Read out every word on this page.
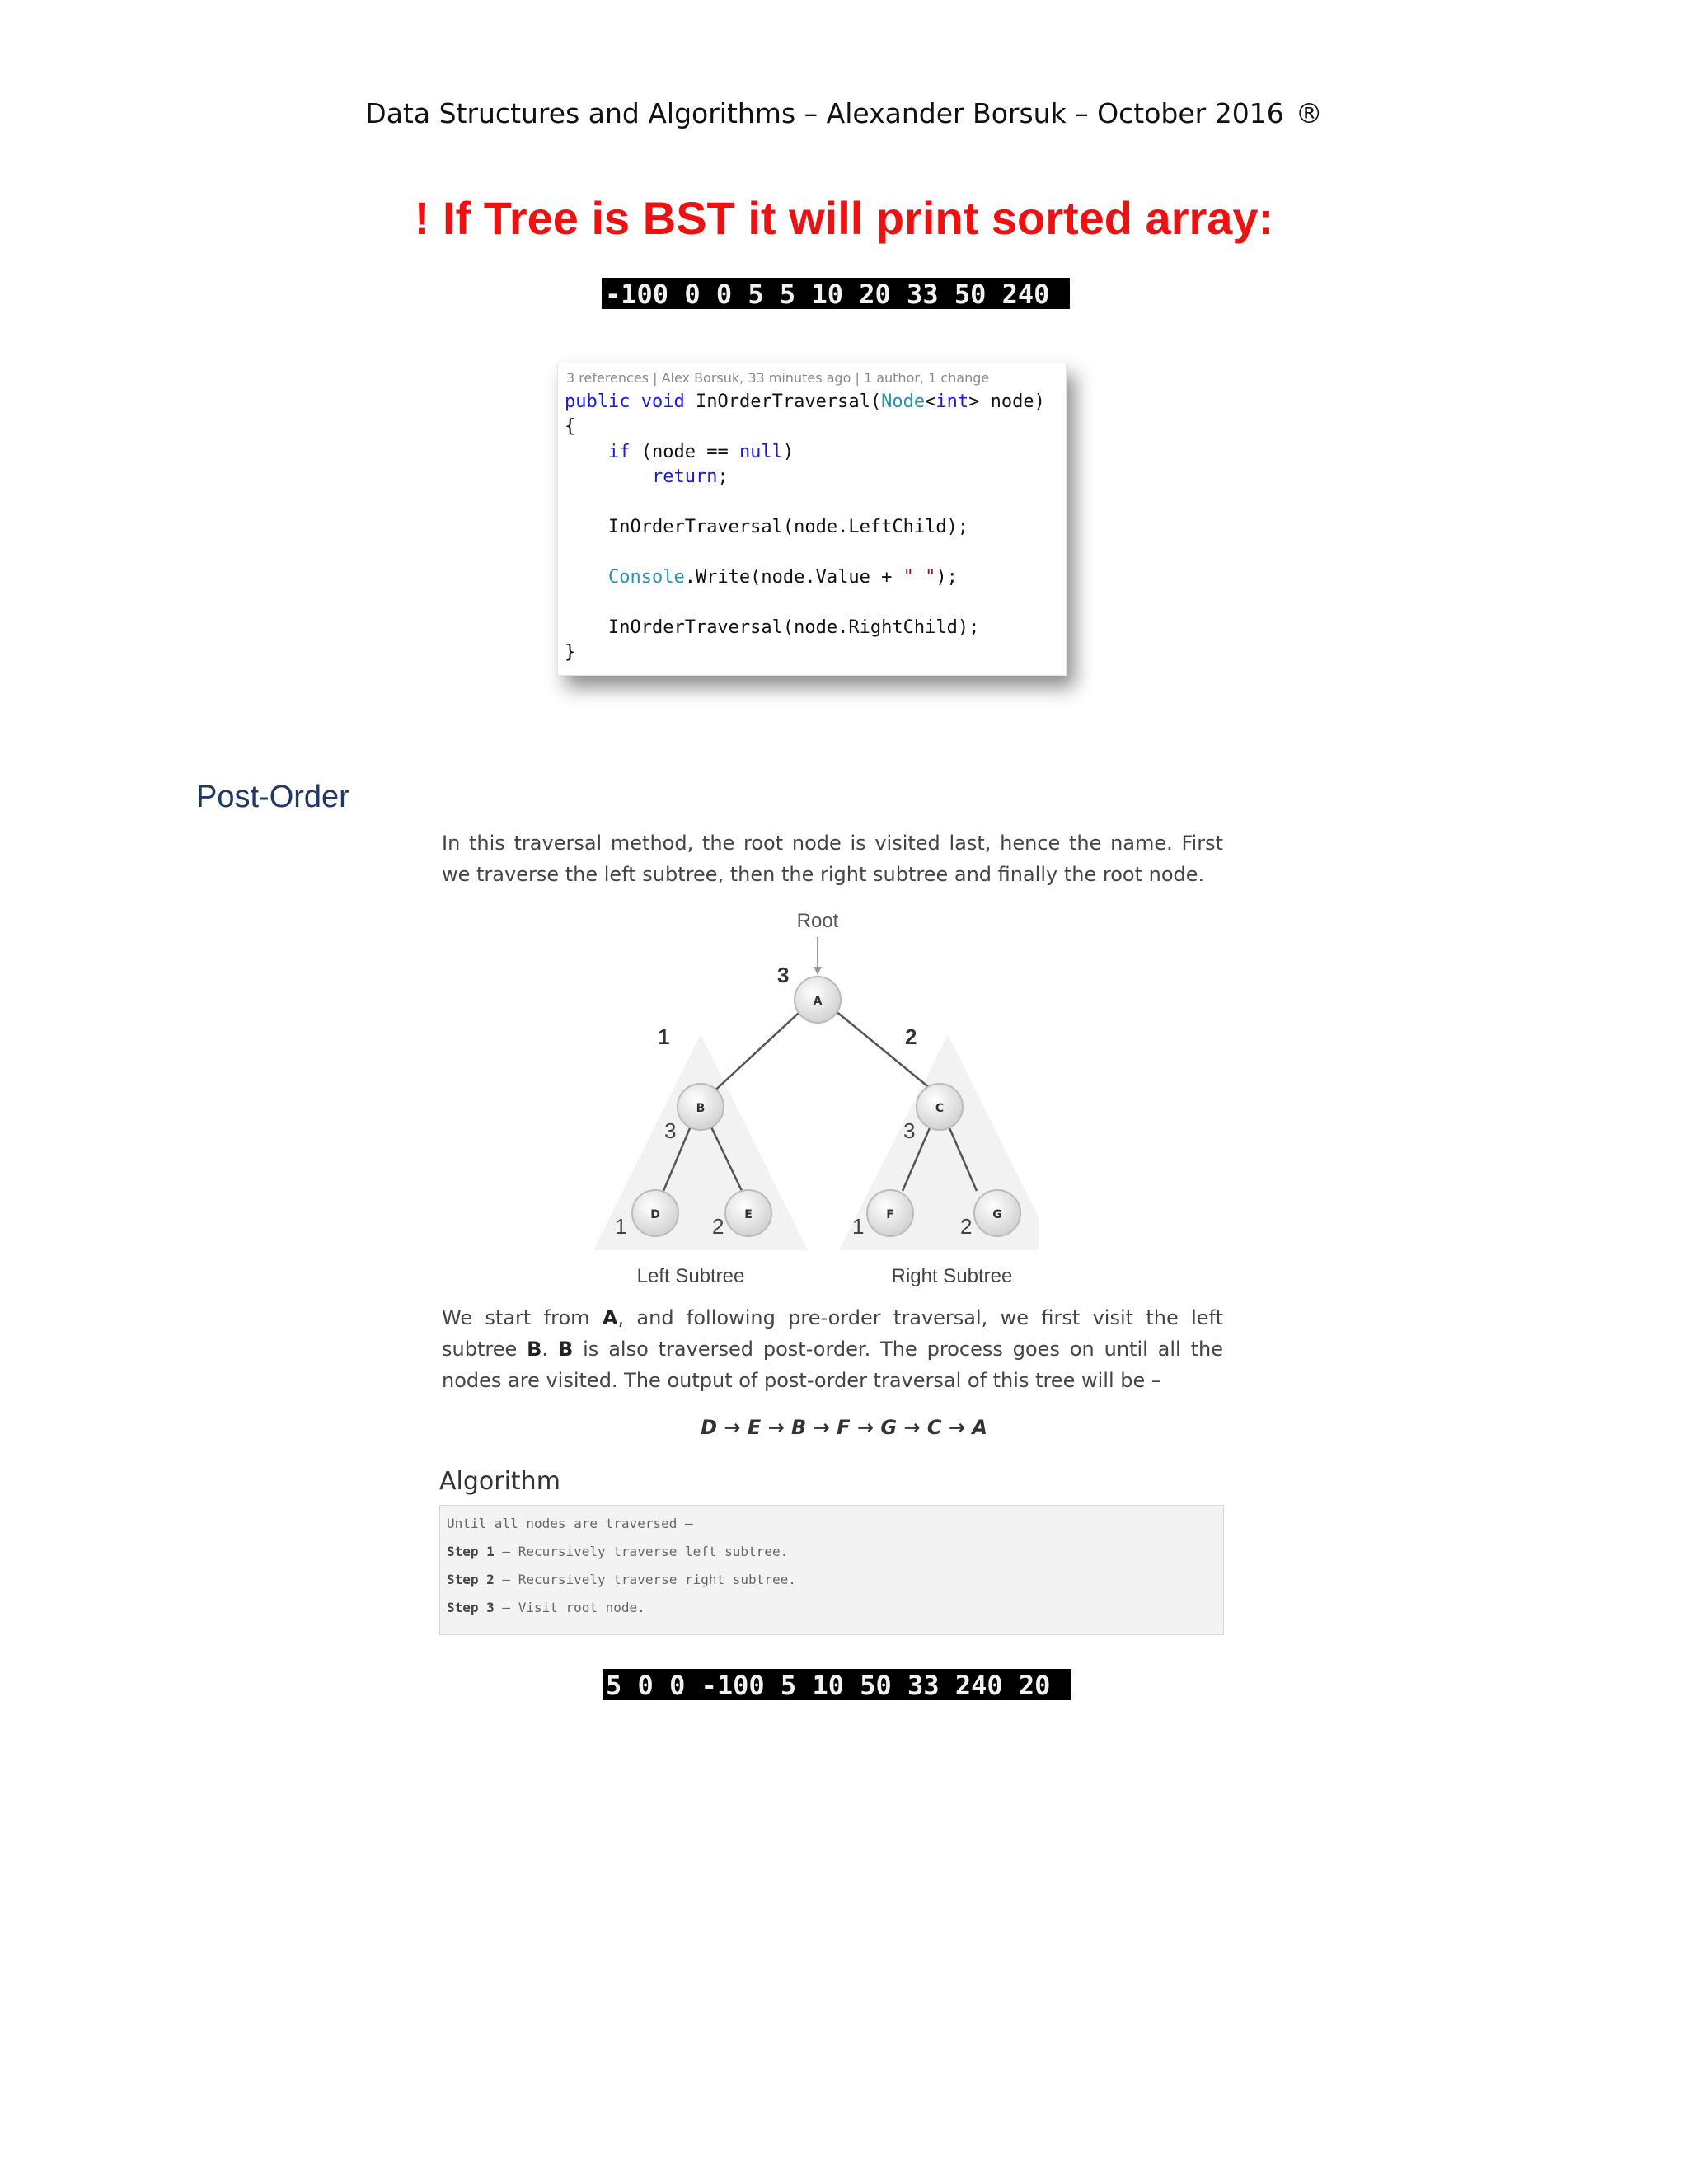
Data Structures and Algorithms – Alexander Borsuk – October 2016 ®
! If Tree is BST it will print sorted array:
-100 0 0 5 5 10 20 33 50 240
3 references | Alex Borsuk, 33 minutes ago | 1 author, 1 change
public void InOrderTraversal(Node<int> node)
{
if (node == null)
return;

InOrderTraversal(node.LeftChild);

Console.Write(node.Value + " ");

InOrderTraversal(node.RightChild);
}
Post-Order

In this traversal method, the root node is visited last, hence the name. First we traverse the left subtree, then the right subtree and finally the root node.

Root
A
B	C
D	E	F	G
3
1	2
3	3
1	2	1	2
Left Subtree	Right Subtree

We start from A, and following pre-order traversal, we first visit the left subtree B. B is also traversed post-order. The process goes on until all the nodes are visited. The output of post-order traversal of this tree will be –

D → E → B → F → G → C → A
Algorithm
Until all nodes are traversed –
Step 1 – Recursively traverse left subtree.
Step 2 – Recursively traverse right subtree.
Step 3 – Visit root node.
5 0 0 -100 5 10 50 33 240 20
